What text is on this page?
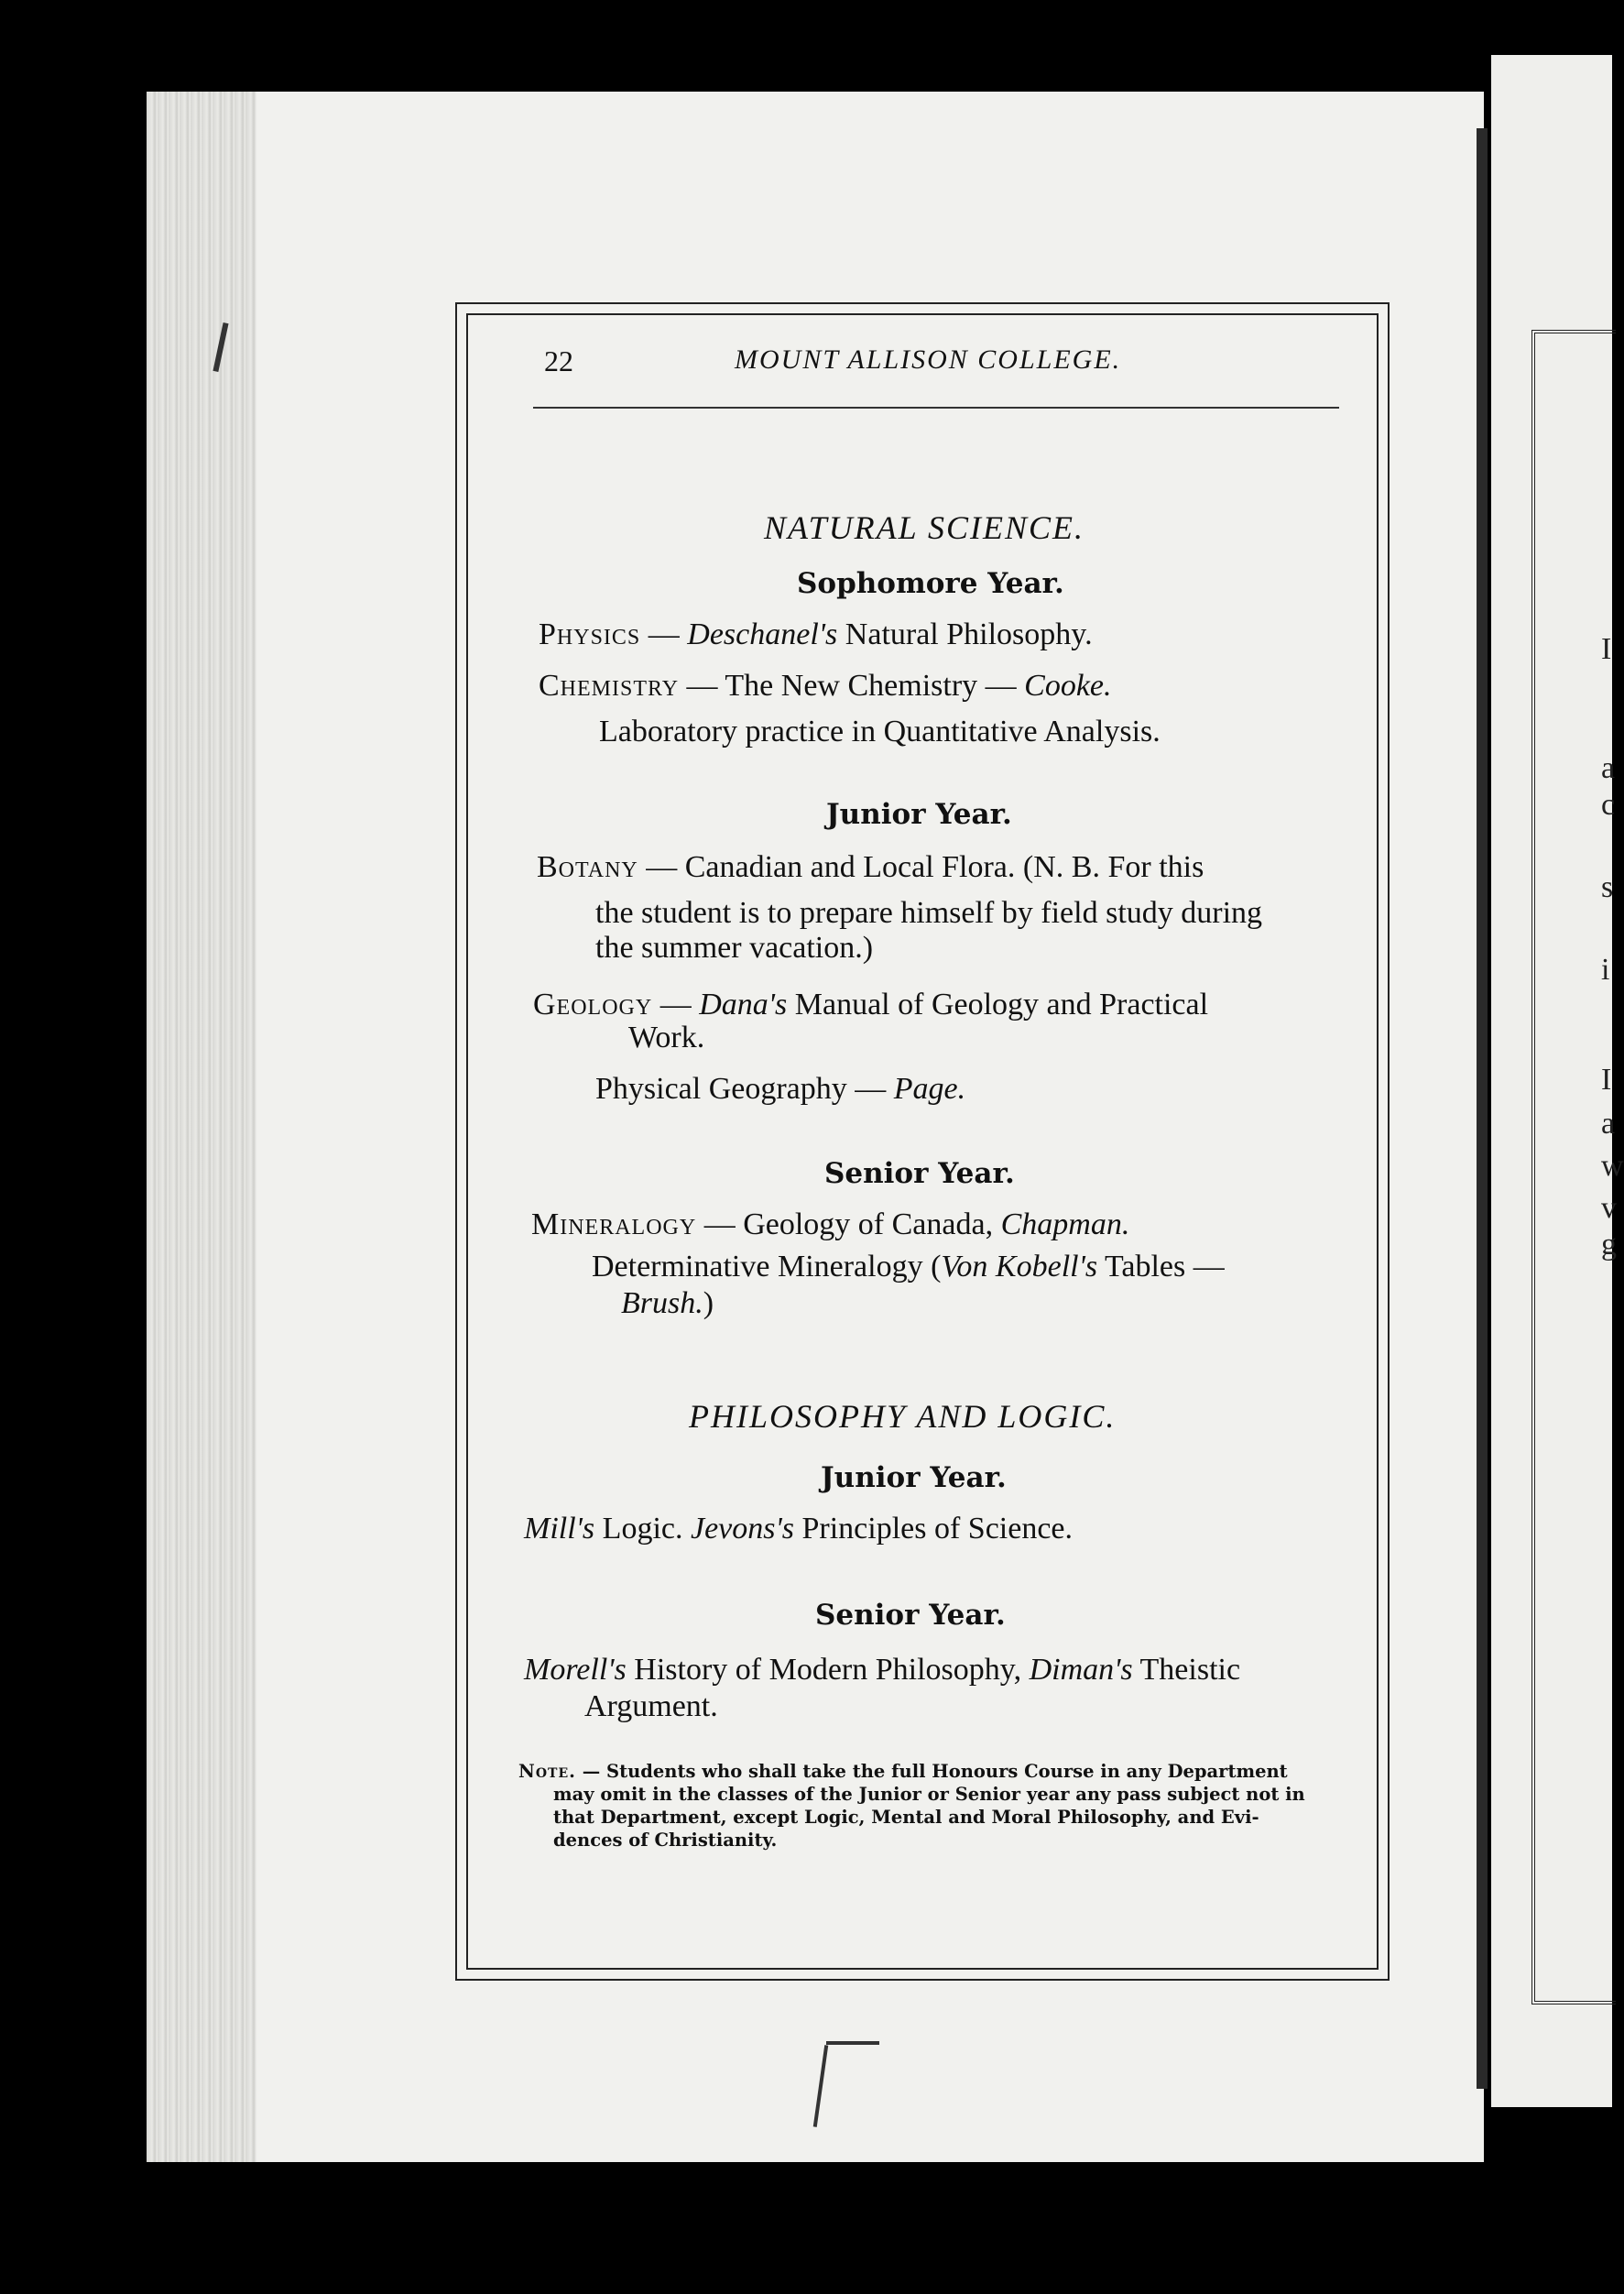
I
a
w
v
g
s
i
a
c
I
22	MOUNT ALLISON COLLEGE.
NATURAL SCIENCE.
Sophomore Year.
Physics — Deschanel's Natural Philosophy.
Chemistry — The New Chemistry — Cooke.
Laboratory practice in Quantitative Analysis.
Junior Year.
Botany — Canadian and Local Flora. (N. B. For this
the student is to prepare himself by field study during
the summer vacation.)
Geology — Dana's Manual of Geology and Practical
Work.
Physical Geography — Page.
Senior Year.
Mineralogy — Geology of Canada, Chapman.
Determinative Mineralogy (Von Kobell's Tables —
Brush.)
PHILOSOPHY AND LOGIC.
Junior Year.
Mill's Logic. Jevons's Principles of Science.
Senior Year.
Morell's History of Modern Philosophy, Diman's Theistic
Argument.
Note. — Students who shall take the full Honours Course in any Department
may omit in the classes of the Junior or Senior year any pass subject not in
that Department, except Logic, Mental and Moral Philosophy, and Evi-
dences of Christianity.
